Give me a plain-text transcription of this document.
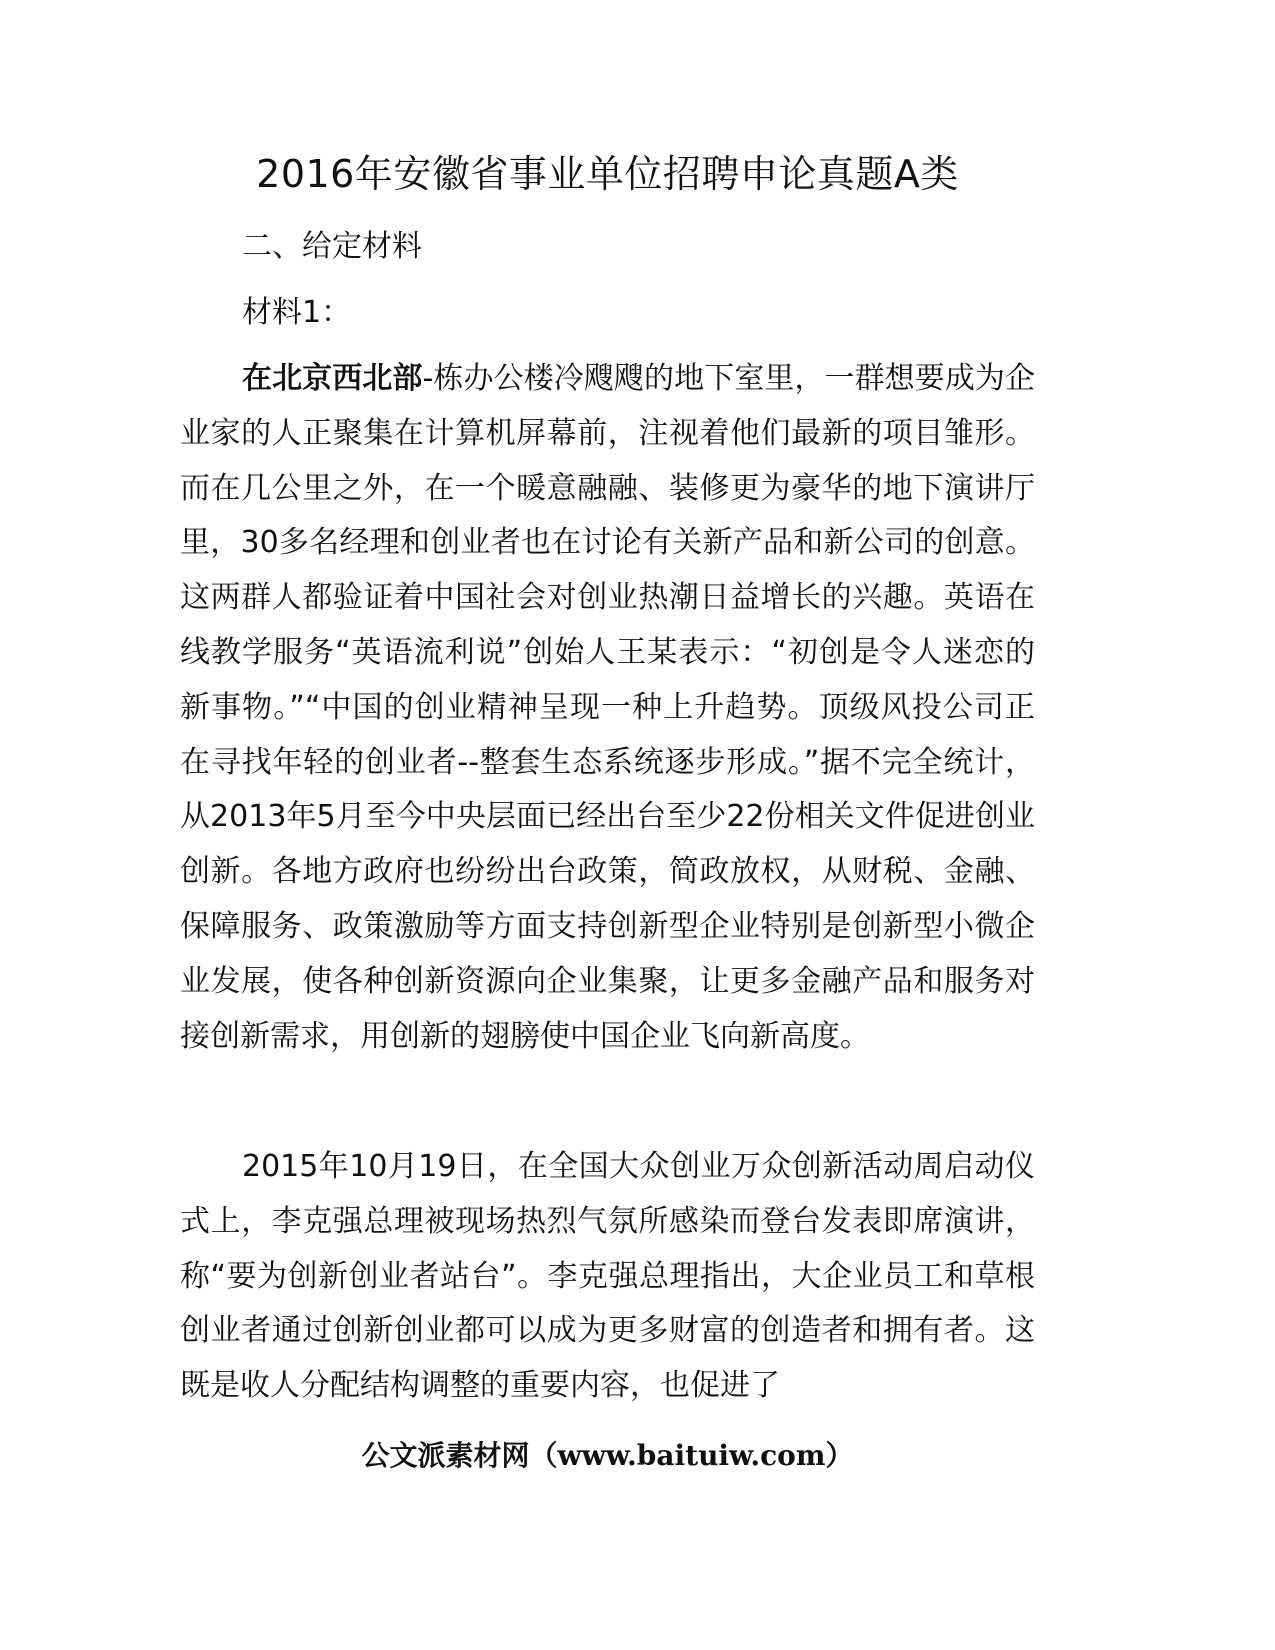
2016年安徽省事业单位招聘申论真题A类

二、给定材料

材料1：

在北京西北部-栋办公楼冷飕飕的地下室里，一群想要成为企业家的人正聚集在计算机屏幕前，注视着他们最新的项目雏形。而在几公里之外，在一个暖意融融、装修更为豪华的地下演讲厅里，30多名经理和创业者也在讨论有关新产品和新公司的创意。这两群人都验证着中国社会对创业热潮日益增长的兴趣。英语在线教学服务“英语流利说”创始人王某表示：“初创是令人迷恋的新事物。”“中国的创业精神呈现一种上升趋势。顶级风投公司正在寻找年轻的创业者--整套生态系统逐步形成。”据不完全统计，从2013年5月至今中央层面已经出台至少22份相关文件促进创业创新。各地方政府也纷纷出台政策，简政放权，从财税、金融、保障服务、政策激励等方面支持创新型企业特别是创新型小微企业发展，使各种创新资源向企业集聚，让更多金融产品和服务对接创新需求，用创新的翅膀使中国企业飞向新高度。

2015年10月19日，在全国大众创业万众创新活动周启动仪式上，李克强总理被现场热烈气氛所感染而登台发表即席演讲，称“要为创新创业者站台”。李克强总理指出，大企业员工和草根创业者通过创新创业都可以成为更多财富的创造者和拥有者。这既是收人分配结构调整的重要内容，也促进了

公文派素材网（www.baituiw.com）
